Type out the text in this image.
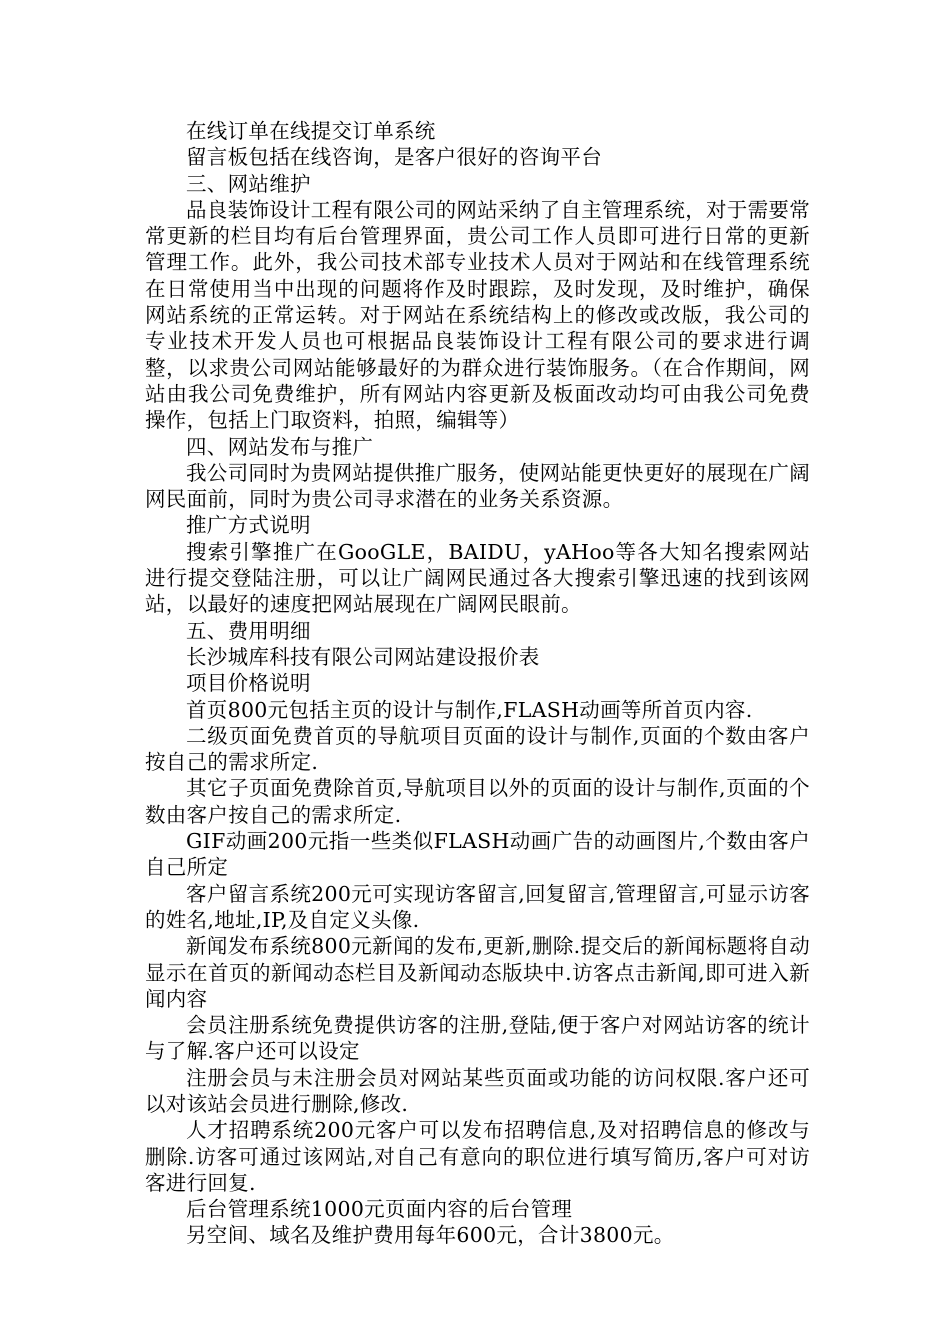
在线订单在线提交订单系统

留言板包括在线咨询，是客户很好的咨询平台

三、网站维护

品良装饰设计工程有限公司的网站采纳了自主管理系统，对于需要常常更新的栏目均有后台管理界面，贵公司工作人员即可进行日常的更新管理工作。此外，我公司技术部专业技术人员对于网站和在线管理系统在日常使用当中出现的问题将作及时跟踪，及时发现，及时维护，确保网站系统的正常运转。对于网站在系统结构上的修改或改版，我公司的专业技术开发人员也可根据品良装饰设计工程有限公司的要求进行调整，以求贵公司网站能够最好的为群众进行装饰服务。（在合作期间，网站由我公司免费维护，所有网站内容更新及板面改动均可由我公司免费操作，包括上门取资料，拍照，编辑等）

四、网站发布与推广

我公司同时为贵网站提供推广服务，使网站能更快更好的展现在广阔网民面前，同时为贵公司寻求潜在的业务关系资源。

推广方式说明

搜索引擎推广在GooGLE，BAIDU，yAHoo等各大知名搜索网站进行提交登陆注册，可以让广阔网民通过各大搜索引擎迅速的找到该网站，以最好的速度把网站展现在广阔网民眼前。

五、费用明细

长沙城库科技有限公司网站建设报价表

项目价格说明

首页800元包括主页的设计与制作,FLASH动画等所首页内容.

二级页面免费首页的导航项目页面的设计与制作,页面的个数由客户按自己的需求所定.

其它子页面免费除首页,导航项目以外的页面的设计与制作,页面的个数由客户按自己的需求所定.

GIF动画200元指一些类似FLASH动画广告的动画图片,个数由客户自己所定

客户留言系统200元可实现访客留言,回复留言,管理留言,可显示访客的姓名,地址,IP,及自定义头像.

新闻发布系统800元新闻的发布,更新,删除.提交后的新闻标题将自动显示在首页的新闻动态栏目及新闻动态版块中.访客点击新闻,即可进入新闻内容

会员注册系统免费提供访客的注册,登陆,便于客户对网站访客的统计与了解.客户还可以设定

注册会员与未注册会员对网站某些页面或功能的访问权限.客户还可以对该站会员进行删除,修改.

人才招聘系统200元客户可以发布招聘信息,及对招聘信息的修改与删除.访客可通过该网站,对自己有意向的职位进行填写简历,客户可对访客进行回复.

后台管理系统1000元页面内容的后台管理

另空间、域名及维护费用每年600元，合计3800元。
